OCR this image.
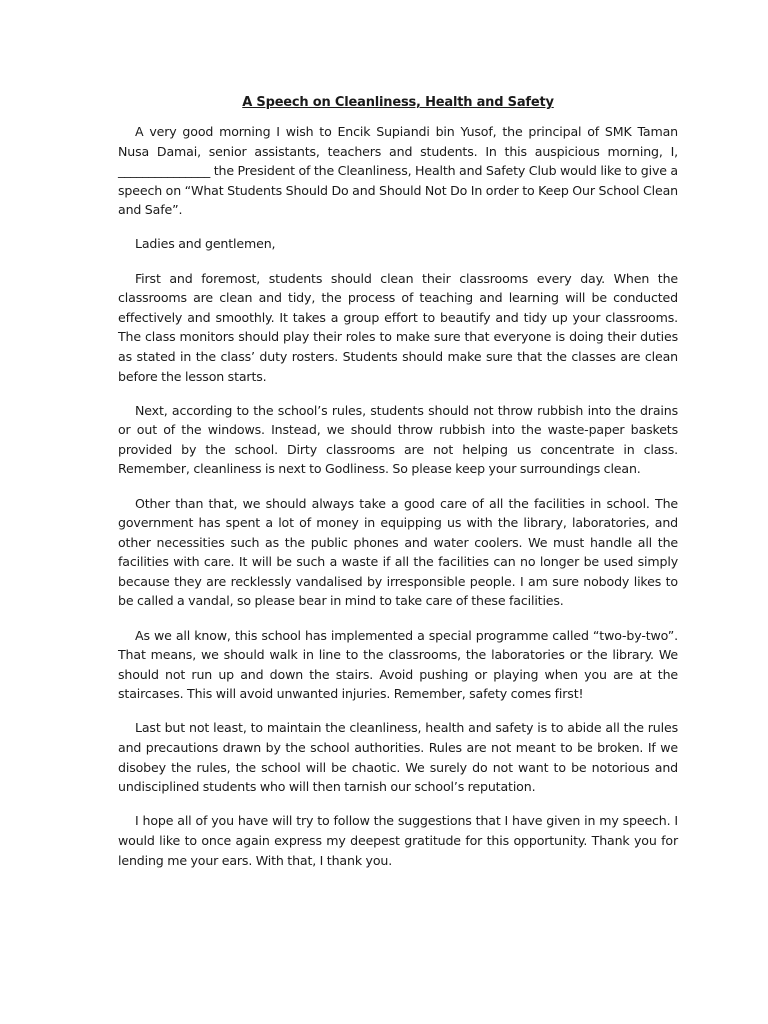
A Speech on Cleanliness, Health and Safety

A very good morning I wish to Encik Supiandi bin Yusof, the principal of SMK Taman Nusa Damai, senior assistants, teachers and students. In this auspicious morning, I, _______________ the President of the Cleanliness, Health and Safety Club would like to give a speech on “What Students Should Do and Should Not Do In order to Keep Our School Clean and Safe”.

Ladies and gentlemen,

First and foremost, students should clean their classrooms every day. When the classrooms are clean and tidy, the process of teaching and learning will be conducted effectively and smoothly. It takes a group effort to beautify and tidy up your classrooms. The class monitors should play their roles to make sure that everyone is doing their duties as stated in the class’ duty rosters. Students should make sure that the classes are clean before the lesson starts.

Next, according to the school’s rules, students should not throw rubbish into the drains or out of the windows. Instead, we should throw rubbish into the waste-paper baskets provided by the school. Dirty classrooms are not helping us concentrate in class. Remember, cleanliness is next to Godliness. So please keep your surroundings clean.

Other than that, we should always take a good care of all the facilities in school. The government has spent a lot of money in equipping us with the library, laboratories, and other necessities such as the public phones and water coolers. We must handle all the facilities with care. It will be such a waste if all the facilities can no longer be used simply because they are recklessly vandalised by irresponsible people. I am sure nobody likes to be called a vandal, so please bear in mind to take care of these facilities.

As we all know, this school has implemented a special programme called “two-by-two”. That means, we should walk in line to the classrooms, the laboratories or the library. We should not run up and down the stairs. Avoid pushing or playing when you are at the staircases. This will avoid unwanted injuries. Remember, safety comes first!

Last but not least, to maintain the cleanliness, health and safety is to abide all the rules and precautions drawn by the school authorities. Rules are not meant to be broken. If we disobey the rules, the school will be chaotic. We surely do not want to be notorious and undisciplined students who will then tarnish our school’s reputation.

I hope all of you have will try to follow the suggestions that I have given in my speech. I would like to once again express my deepest gratitude for this opportunity. Thank you for lending me your ears. With that, I thank you.
